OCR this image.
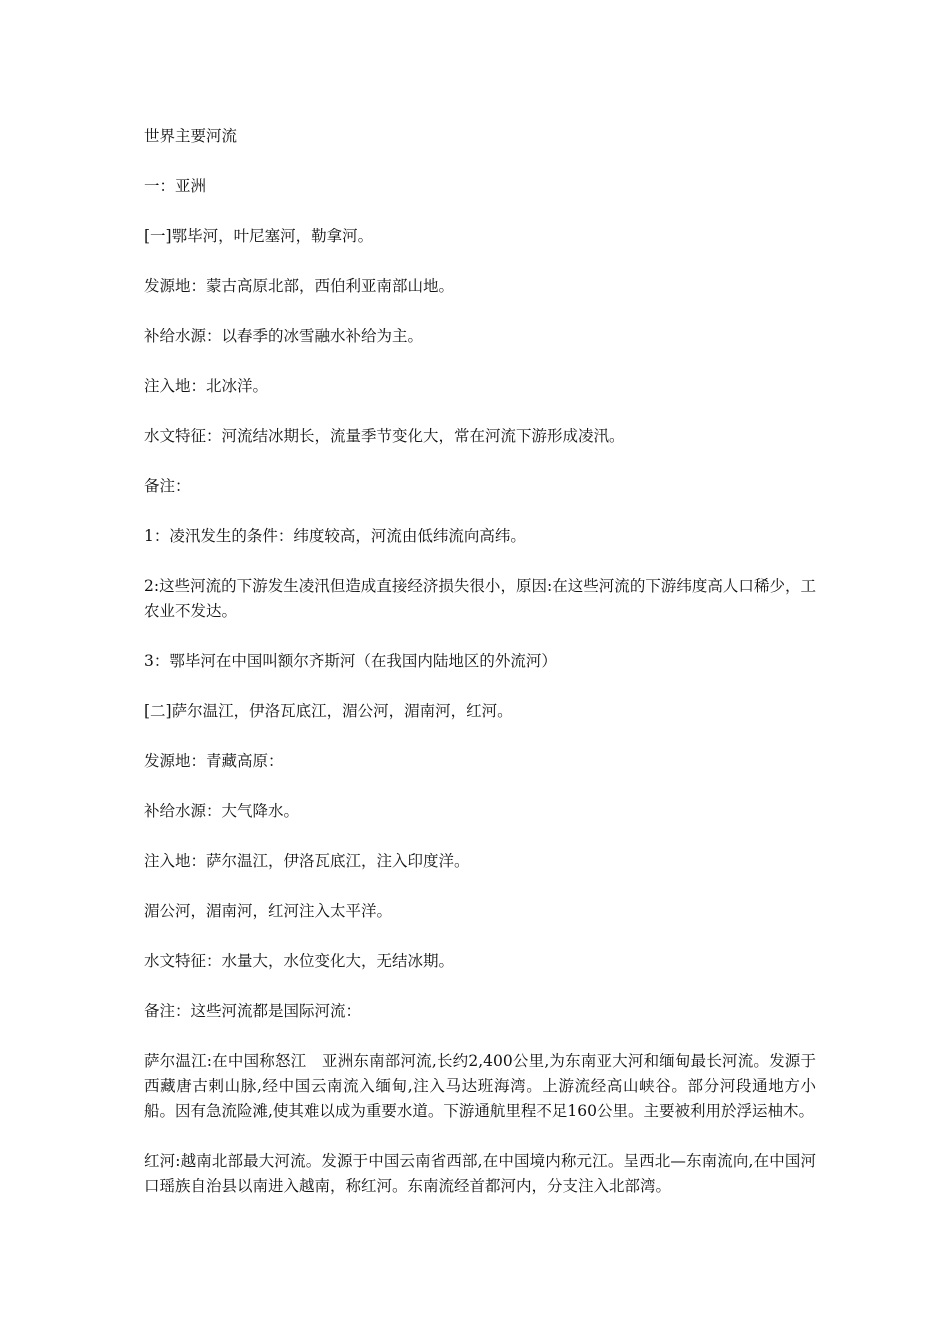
世界主要河流

一：亚洲

[一]鄂毕河，叶尼塞河，勒拿河。

发源地：蒙古高原北部，西伯利亚南部山地。

补给水源：以春季的冰雪融水补给为主。

注入地：北冰洋。

水文特征：河流结冰期长，流量季节变化大，常在河流下游形成凌汛。

备注：

1：凌汛发生的条件：纬度较高，河流由低纬流向高纬。

2:这些河流的下游发生凌汛但造成直接经济损失很小，原因:在这些河流的下游纬度高人口稀少，工农业不发达。

3：鄂毕河在中国叫额尔齐斯河（在我国内陆地区的外流河）

[二]萨尔温江，伊洛瓦底江，湄公河，湄南河，红河。

发源地：青藏高原：

补给水源：大气降水。

注入地：萨尔温江，伊洛瓦底江，注入印度洋。

湄公河，湄南河，红河注入太平洋。

水文特征：水量大，水位变化大，无结冰期。

备注：这些河流都是国际河流：

萨尔温江:在中国称怒江　亚洲东南部河流,长约2,400公里,为东南亚大河和缅甸最长河流。发源于西藏唐古剌山脉,经中国云南流入缅甸,注入马达班海湾。上游流经高山峡谷。部分河段通地方小船。因有急流险滩,使其难以成为重要水道。下游通航里程不足160公里。主要被利用於浮运柚木。

红河:越南北部最大河流。发源于中国云南省西部,在中国境内称元江。呈西北—东南流向,在中国河口瑶族自治县以南进入越南，称红河。东南流经首都河内，分支注入北部湾。
